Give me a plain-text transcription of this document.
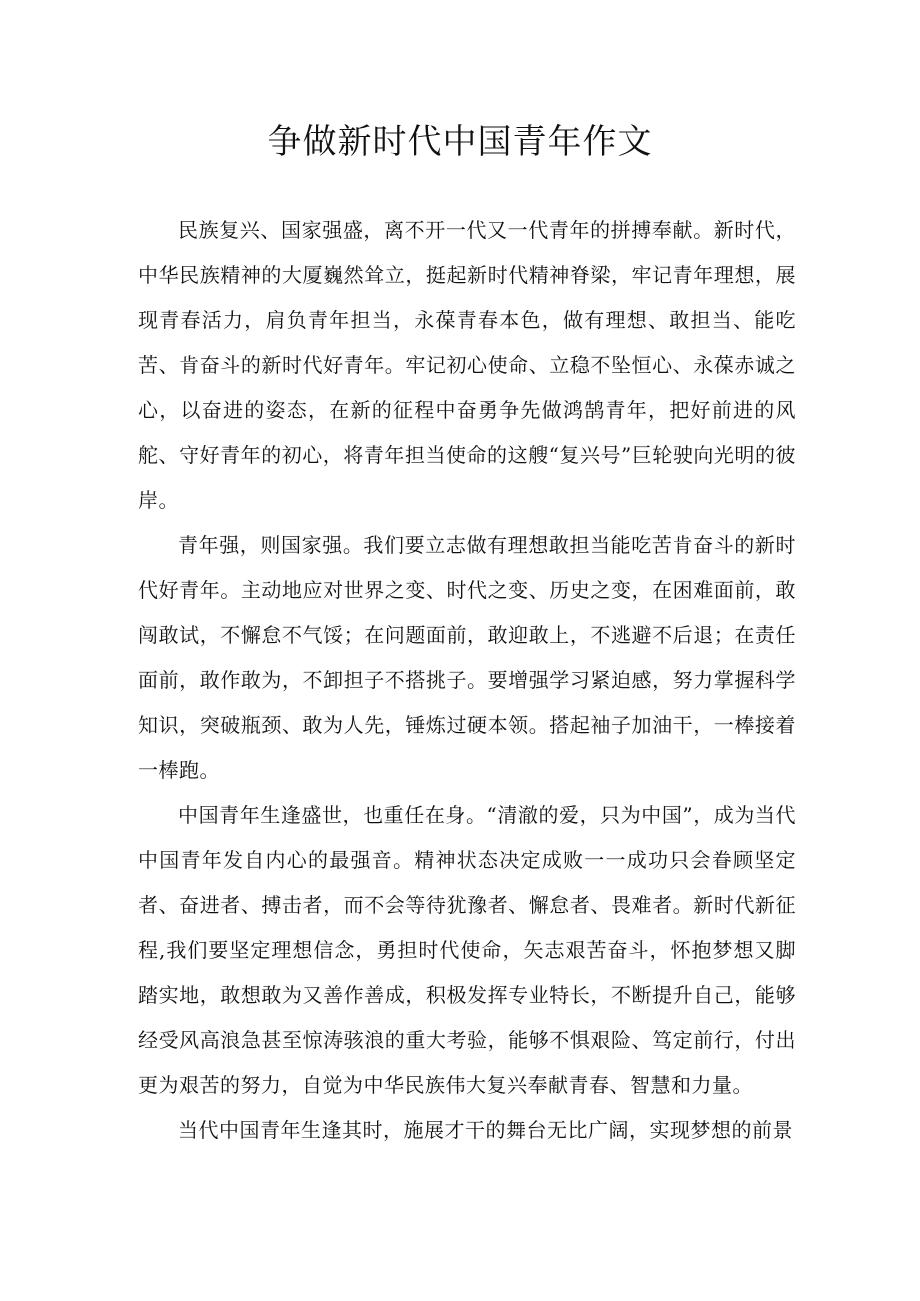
争做新时代中国青年作文

民族复兴、国家强盛，离不开一代又一代青年的拼搏奉献。新时代，中华民族精神的大厦巍然耸立，挺起新时代精神脊梁，牢记青年理想，展现青春活力，肩负青年担当，永葆青春本色，做有理想、敢担当、能吃苦、肯奋斗的新时代好青年。牢记初心使命、立稳不坠恒心、永葆赤诚之心，以奋进的姿态，在新的征程中奋勇争先做鸿鹄青年，把好前进的风舵、守好青年的初心，将青年担当使命的这艘“复兴号”巨轮驶向光明的彼岸。

青年强，则国家强。我们要立志做有理想敢担当能吃苦肯奋斗的新时代好青年。主动地应对世界之变、时代之变、历史之变，在困难面前，敢闯敢试，不懈怠不气馁；在问题面前，敢迎敢上，不逃避不后退；在责任面前，敢作敢为，不卸担子不搭挑子。要增强学习紧迫感，努力掌握科学知识，突破瓶颈、敢为人先，锤炼过硬本领。搭起袖子加油干，一棒接着一棒跑。

中国青年生逢盛世，也重任在身。“清澈的爱，只为中国”，成为当代中国青年发自内心的最强音。精神状态决定成败一一成功只会眷顾坚定者、奋进者、搏击者，而不会等待犹豫者、懈怠者、畏难者。新时代新征程,我们要坚定理想信念，勇担时代使命，矢志艰苦奋斗，怀抱梦想又脚踏实地，敢想敢为又善作善成，积极发挥专业特长，不断提升自己，能够经受风高浪急甚至惊涛骇浪的重大考验，能够不惧艰险、笃定前行，付出更为艰苦的努力，自觉为中华民族伟大复兴奉献青春、智慧和力量。

当代中国青年生逢其时，施展才干的舞台无比广阔，实现梦想的前景
